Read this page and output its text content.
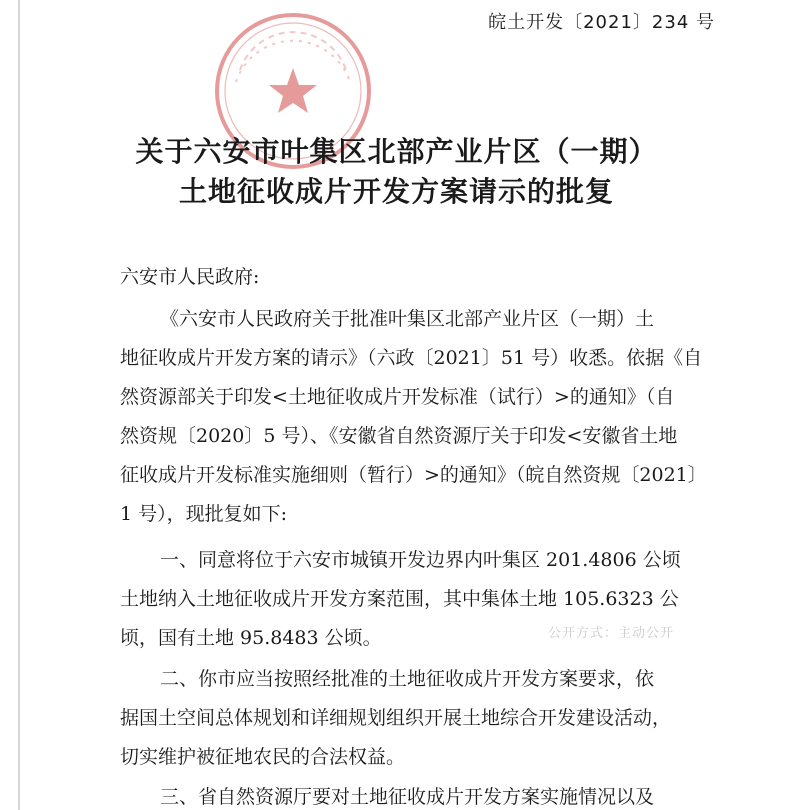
皖土开发〔2021〕234 号
关于六安市叶集区北部产业片区（一期）
土地征收成片开发方案请示的批复
六安市人民政府:
《六安市人民政府关于批准叶集区北部产业片区（一期）土
地征收成片开发方案的请示》（六政〔2021〕51 号）收悉。依据《自
然资源部关于印发<土地征收成片开发标准（试行）>的通知》（自
然资规〔2020〕5 号）、《安徽省自然资源厅关于印发<安徽省土地
征收成片开发标准实施细则（暂行）>的通知》（皖自然资规〔2021〕
1 号），现批复如下:
一、同意将位于六安市城镇开发边界内叶集区 201.4806 公顷
土地纳入土地征收成片开发方案范围，其中集体土地 105.6323 公
顷，国有土地 95.8483 公顷。	公开方式：主动公开
二、你市应当按照经批准的土地征收成片开发方案要求，依
据国土空间总体规划和详细规划组织开展土地综合开发建设活动，
切实维护被征地农民的合法权益。
三、省自然资源厅要对土地征收成片开发方案实施情况以及
